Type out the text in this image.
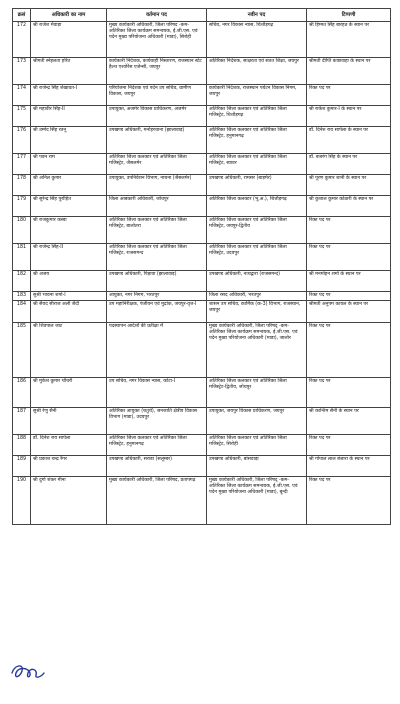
क्रसं	अधिकारी का नाम	वर्तमान पद	नवीन पद	टिप्पणी
172	श्री राजेश मेवाड़ा	मुख्य कार्यकारी अधिकारी, जिला परिषद -कम- अतिरिक्त जिला कार्यक्रम समन्वयक, ई.जी.एस. एवं पदेन मुख्य परियोजना अधिकारी (माडा), सिरोही	सचिव, नगर विकास न्यास, चित्तौड़गढ़	श्री हिम्मत सिंह बारहठ के स्थान पर
173	श्रीमती स्नेहलता हरित	कार्यकारी निदेशक, कार्यवाही निस्तारण, राजस्थान स्टेट हैल्थ एश्योरेंस एजेन्सी, जयपुर	अतिरिक्त निदेशक, साक्षरता एवं सतत शिक्षा, जयपुर	श्रीमती दीप्ति काछवाहा के स्थान पर
174	श्री राजेन्द्र सिंह शेखावत-I	परियोजना निदेशक एवं पदेन उप सचिव, ग्रामीण विकास, जयपुर	कार्यकारी निदेशक, राजस्थान पर्यटन विकास निगम, जयपुर	रिक्त पद पर
175	श्री महावीर सिंह-II	उपायुक्त, अजमेर विकास प्राधिकरण, अजमेर	अतिरिक्त जिला कलक्टर एवं अतिरिक्त जिला मजिस्ट्रेट, चित्तौड़गढ़	श्री राकेश कुमार-I के स्थान पर
176	श्री उम्मेद सिंह रतनू	उपखण्ड अधिकारी, मनोहरथाना (झालावाड़)	अतिरिक्त जिला कलक्टर एवं अतिरिक्त जिला मजिस्ट्रेट, हनुमानगढ़	डॉ. दिनेश राय सापेला के स्थान पर
177	श्री पवन राम	अतिरिक्त जिला कलक्टर एवं अतिरिक्त जिला मजिस्ट्रेट, जैसलमेर	अतिरिक्त जिला कलक्टर एवं अतिरिक्त जिला मजिस्ट्रेट, ब्यावर	डॉ. बजरंग सिंह के स्थान पर
178	श्री अनिल कुमार	उपायुक्त, उपनिवेशन विभाग, नाचना (जैसलमेर)	उपखण्ड अधिकारी, रामसर (बाड़मेर)	श्री पूरण कुमार शानी के स्थान पर
179	श्री सुरेन्द्र सिंह पुरोहित	जिला आबकारी अधिकारी, जोधपुर	अतिरिक्त जिला कलक्टर (भू.अ.), चित्तौड़गढ़	श्री कुशाल कुमार कोठारी के स्थान पर
180	श्री राजकुमार कस्वा	अतिरिक्त जिला कलक्टर एवं अतिरिक्त जिला मजिस्ट्रेट, बालोतरा	अतिरिक्त जिला कलक्टर एवं अतिरिक्त जिला मजिस्ट्रेट, जयपुर-द्वितीय	रिक्त पद पर
181	श्री राजेन्द्र सिंह-II	अतिरिक्त जिला कलक्टर एवं अतिरिक्त जिला मजिस्ट्रेट, राजसमन्द	अतिरिक्त जिला कलक्टर एवं अतिरिक्त जिला मजिस्ट्रेट, उदयपुर	रिक्त पद पर
182	श्री अजय	उपखण्ड अधिकारी, पिड़ावा (झालावाड़)	उपखण्ड अधिकारी, नाथद्वारा (राजसमन्द)	श्री मनमोहन शर्मा के स्थान पर
183	सुश्री भावना शर्मा-I	आयुक्त, नगर निगम, भरतपुर	जिला रसद अधिकारी, भरतपुर	रिक्त पद पर
184	श्री सैयद सीराज अली जैदी	उप महानिरीक्षक, पंजीयन एवं मुद्रांक, जयपुर-वृत्त-I	शासन उप सचिव, कार्मिक (क-3) विभाग, राजस्थान, जयपुर	श्रीमती अनुपम कायल के स्थान पर
185	श्री शिवपाल जाट	पदस्थापन आदेशों की प्रतीक्षा में	मुख्य कार्यकारी अधिकारी, जिला परिषद् -कम- अतिरिक्त जिला कार्यक्रम समन्वयक, ई.जी.एस. एवं पदेन मुख्य परियोजना अधिकारी (माडा), जालोर	रिक्त पद पर
186	श्री मुकेश कुमार चौधरी	उप सचिव, नगर विकास न्यास, कोटा-I	अतिरिक्त जिला कलक्टर एवं अतिरिक्त जिला मजिस्ट्रेट-द्वितीय, जोधपुर	रिक्त पद पर
187	सुश्री रेणु सैनी	अतिरिक्त आयुक्त (चतुर्थ), जनजाति क्षेत्रीय विकास विभाग (माडा), उदयपुर	उपायुक्त, जयपुर विकास प्राधिकरण, जयपुर	श्री कान्तिम सैनी के स्थान पर
188	डॉ. दिनेश राय सापेला	अतिरिक्त जिला कलक्टर एवं अतिरिक्त जिला मजिस्ट्रेट, हनुमानगढ़	अतिरिक्त जिला कलक्टर एवं अतिरिक्त जिला मजिस्ट्रेट, सिरोही	रिक्त पद पर
189	श्री प्रकाश चन्द्र रैगर	उपखण्ड अधिकारी, सराडा (सलूम्बर)	उपखण्ड अधिकारी, बांसवाड़ा	श्री गोपाल लाल बंजारा के स्थान पर
190	श्री दुर्गा शंकर मीना	मुख्य कार्यकारी अधिकारी, जिला परिषद, प्रतापगढ़	मुख्य कार्यकारी अधिकारी, जिला परिषद् -कम- अतिरिक्त जिला कार्यक्रम समन्वयक, ई.जी.एस. एवं पदेन मुख्य परियोजना अधिकारी (माडा), बून्दी	रिक्त पद पर
